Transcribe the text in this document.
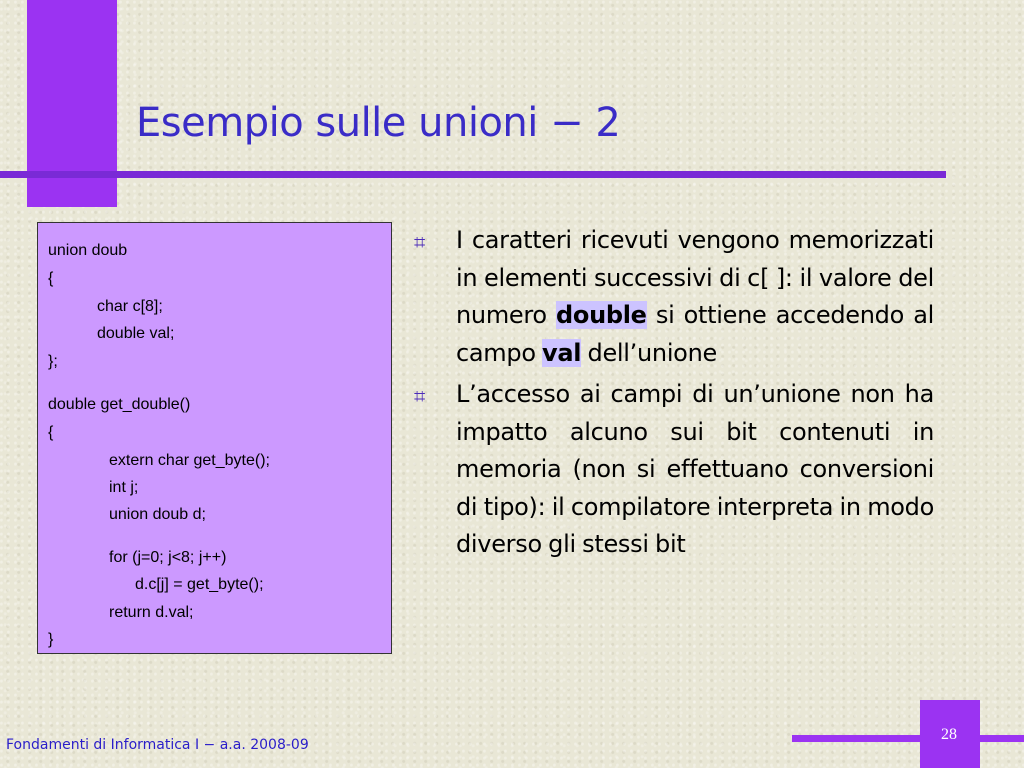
Esempio sulle unioni − 2
union doub
{
char c[8];
double val;
};
double get_double()
{
extern char get_byte();
int j;
union doub d;
for (j=0; j<8; j++)
d.c[j] = get_byte();
return d.val;
}
⌗ I caratteri ricevuti vengono memorizzati in elementi successivi di c[ ]: il valore del numero double si ottiene accedendo al campo val dell’unione
⌗ L’accesso ai campi di un’unione non ha impatto alcuno sui bit contenuti in memoria (non si effettuano conversioni di tipo): il compilatore interpreta in modo diverso gli stessi bit
Fondamenti di Informatica I − a.a. 2008-09
28
